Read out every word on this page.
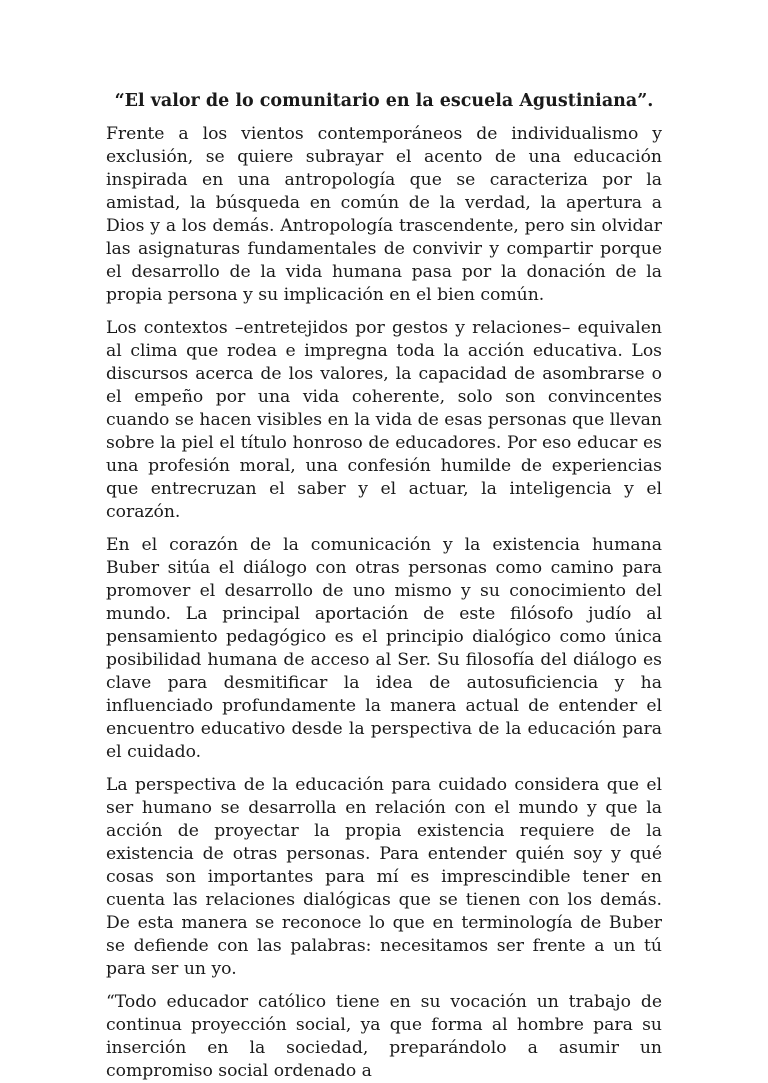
“El valor de lo comunitario en la escuela Agustiniana”.

Frente a los vientos contemporáneos de individualismo y exclusión, se quiere subrayar el acento de una educación inspirada en una antropología que se caracteriza por la amistad, la búsqueda en común de la verdad, la apertura a Dios y a los demás. Antropología trascendente, pero sin olvidar las asignaturas fundamentales de convivir y compartir porque el desarrollo de la vida humana pasa por la donación de la propia persona y su implicación en el bien común.

Los contextos –entretejidos por gestos y relaciones– equivalen al clima que rodea e impregna toda la acción educativa. Los discursos acerca de los valores, la capacidad de asombrarse o el empeño por una vida coherente, solo son convincentes cuando se hacen visibles en la vida de esas personas que llevan sobre la piel el título honroso de educadores. Por eso educar es una profesión moral, una confesión humilde de experiencias que entrecruzan el saber y el actuar, la inteligencia y el corazón.

En el corazón de la comunicación y la existencia humana Buber sitúa el diálogo con otras personas como camino para promover el desarrollo de uno mismo y su conocimiento del mundo. La principal aportación de este filósofo judío al pensamiento pedagógico es el principio dialógico como única posibilidad humana de acceso al Ser. Su filosofía del diálogo es clave para desmitificar la idea de autosuficiencia y ha influenciado profundamente la manera actual de entender el encuentro educativo desde la perspectiva de la educación para el cuidado.

La perspectiva de la educación para cuidado considera que el ser humano se desarrolla en relación con el mundo y que la acción de proyectar la propia existencia requiere de la existencia de otras personas. Para entender quién soy y qué cosas son importantes para mí es imprescindible tener en cuenta las relaciones dialógicas que se tienen con los demás. De esta manera se reconoce lo que en terminología de Buber se defiende con las palabras: necesitamos ser frente a un tú para ser un yo.

“Todo educador católico tiene en su vocación un trabajo de continua proyección social, ya que forma al hombre para su inserción en la sociedad, preparándolo a asumir un compromiso social ordenado a
